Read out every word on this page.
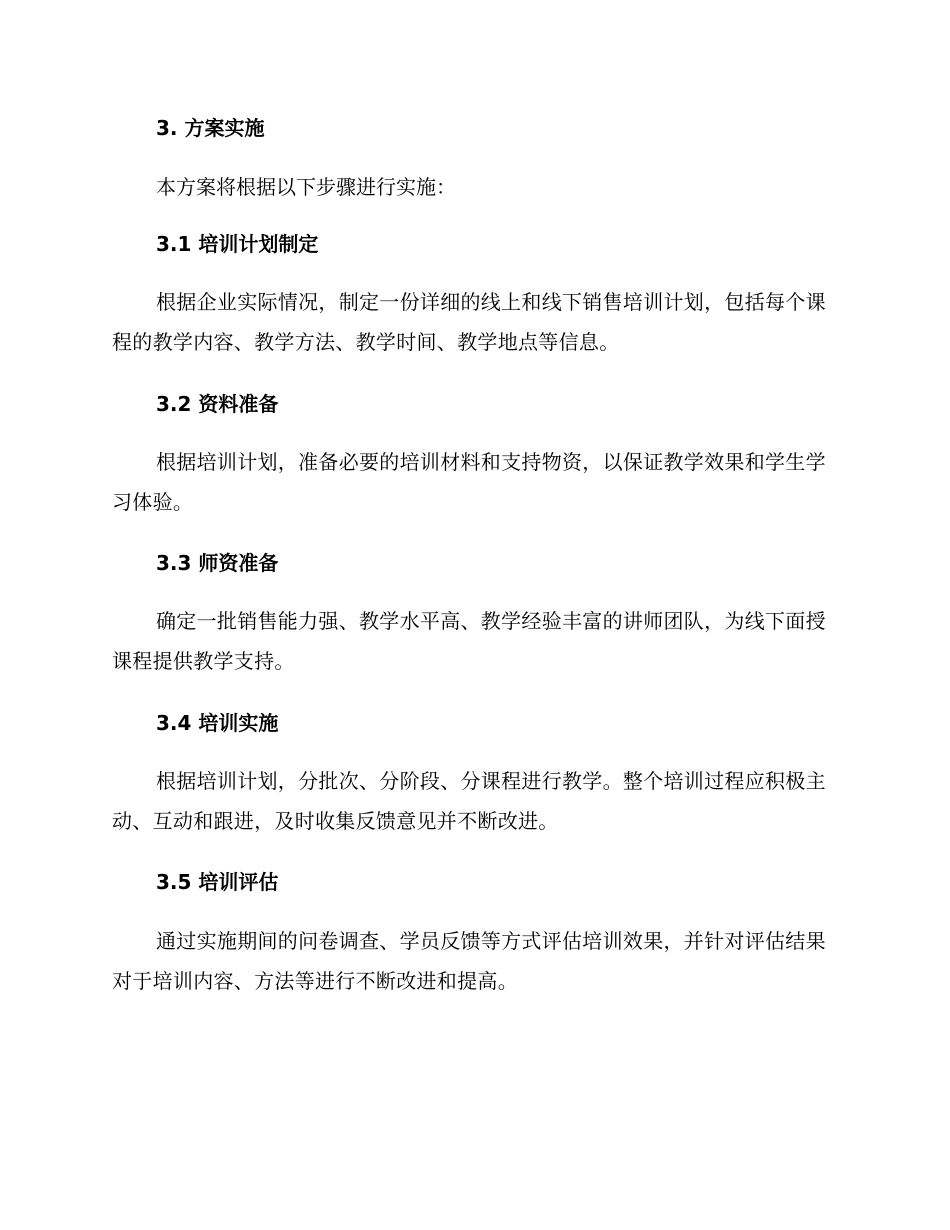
3. 方案实施
本方案将根据以下步骤进行实施：
3.1 培训计划制定
根据企业实际情况，制定一份详细的线上和线下销售培训计划，包括每个课程的教学内容、教学方法、教学时间、教学地点等信息。
3.2 资料准备
根据培训计划，准备必要的培训材料和支持物资，以保证教学效果和学生学习体验。
3.3 师资准备
确定一批销售能力强、教学水平高、教学经验丰富的讲师团队，为线下面授课程提供教学支持。
3.4 培训实施
根据培训计划，分批次、分阶段、分课程进行教学。整个培训过程应积极主动、互动和跟进，及时收集反馈意见并不断改进。
3.5 培训评估
通过实施期间的问卷调查、学员反馈等方式评估培训效果，并针对评估结果对于培训内容、方法等进行不断改进和提高。
